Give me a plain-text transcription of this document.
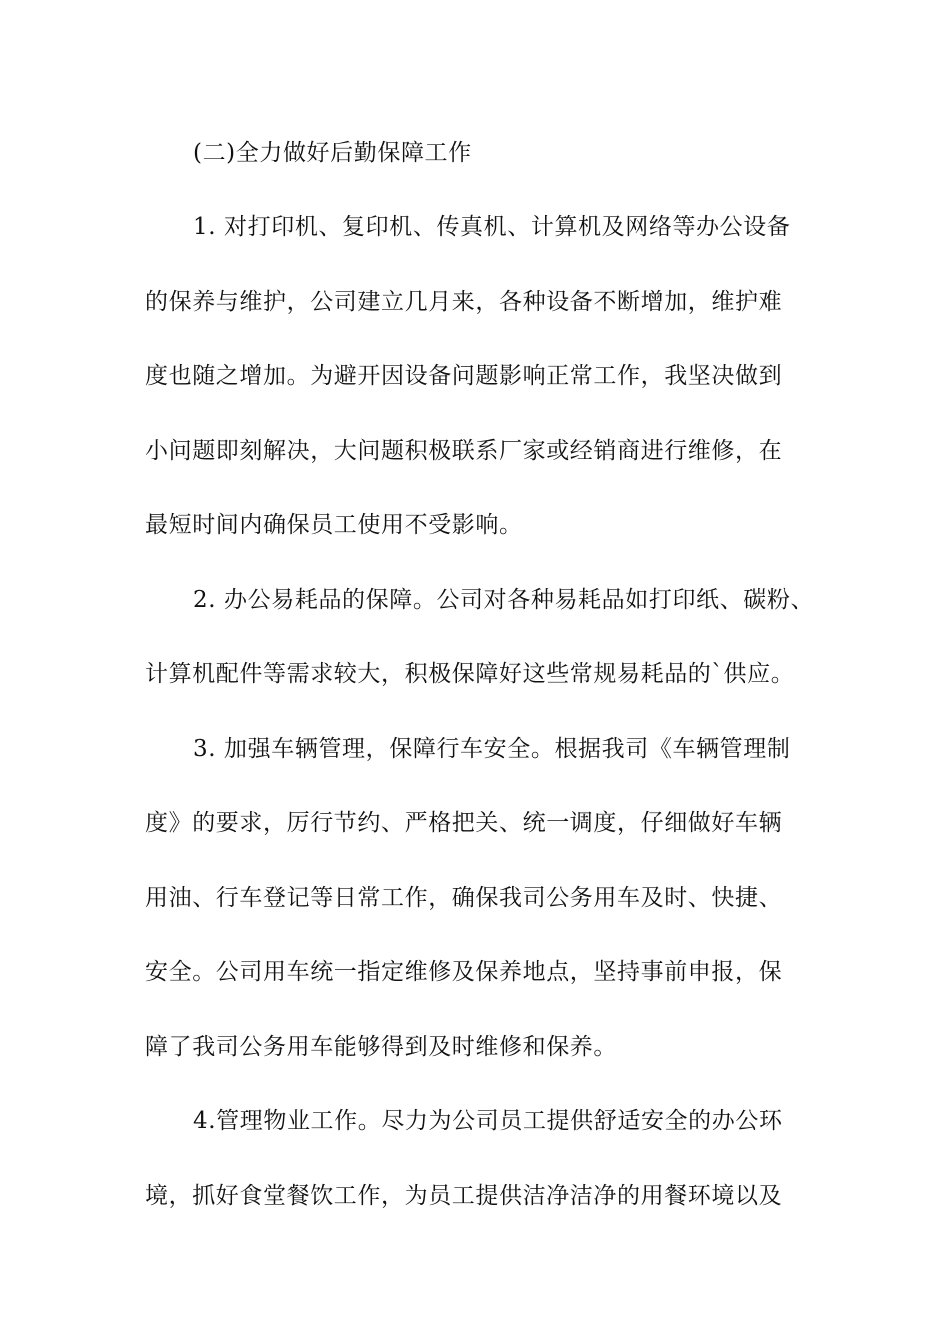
(二)全力做好后勤保障工作
1. 对打印机、复印机、传真机、计算机及网络等办公设备
的保养与维护，公司建立几月来，各种设备不断增加，维护难
度也随之增加。为避开因设备问题影响正常工作，我坚决做到
小问题即刻解决，大问题积极联系厂家或经销商进行维修，在
最短时间内确保员工使用不受影响。
2. 办公易耗品的保障。公司对各种易耗品如打印纸、碳粉、
计算机配件等需求较大，积极保障好这些常规易耗品的`供应。
3. 加强车辆管理，保障行车安全。根据我司《车辆管理制
度》的要求，厉行节约、严格把关、统一调度，仔细做好车辆
用油、行车登记等日常工作，确保我司公务用车及时、快捷、
安全。公司用车统一指定维修及保养地点，坚持事前申报，保
障了我司公务用车能够得到及时维修和保养。
4.管理物业工作。尽力为公司员工提供舒适安全的办公环
境，抓好食堂餐饮工作，为员工提供洁净洁净的用餐环境以及
